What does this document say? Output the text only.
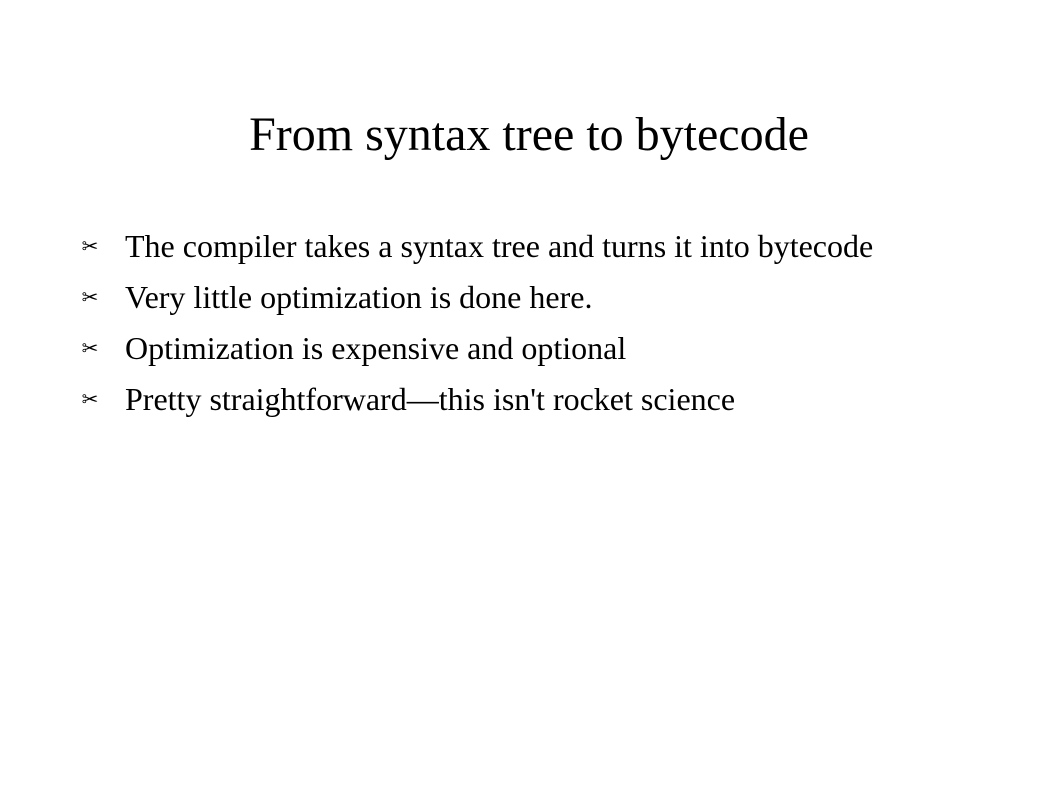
From syntax tree to bytecode
✂ The compiler takes a syntax tree and turns it into bytecode
✂ Very little optimization is done here.
✂ Optimization is expensive and optional
✂ Pretty straightforward—this isn't rocket science
